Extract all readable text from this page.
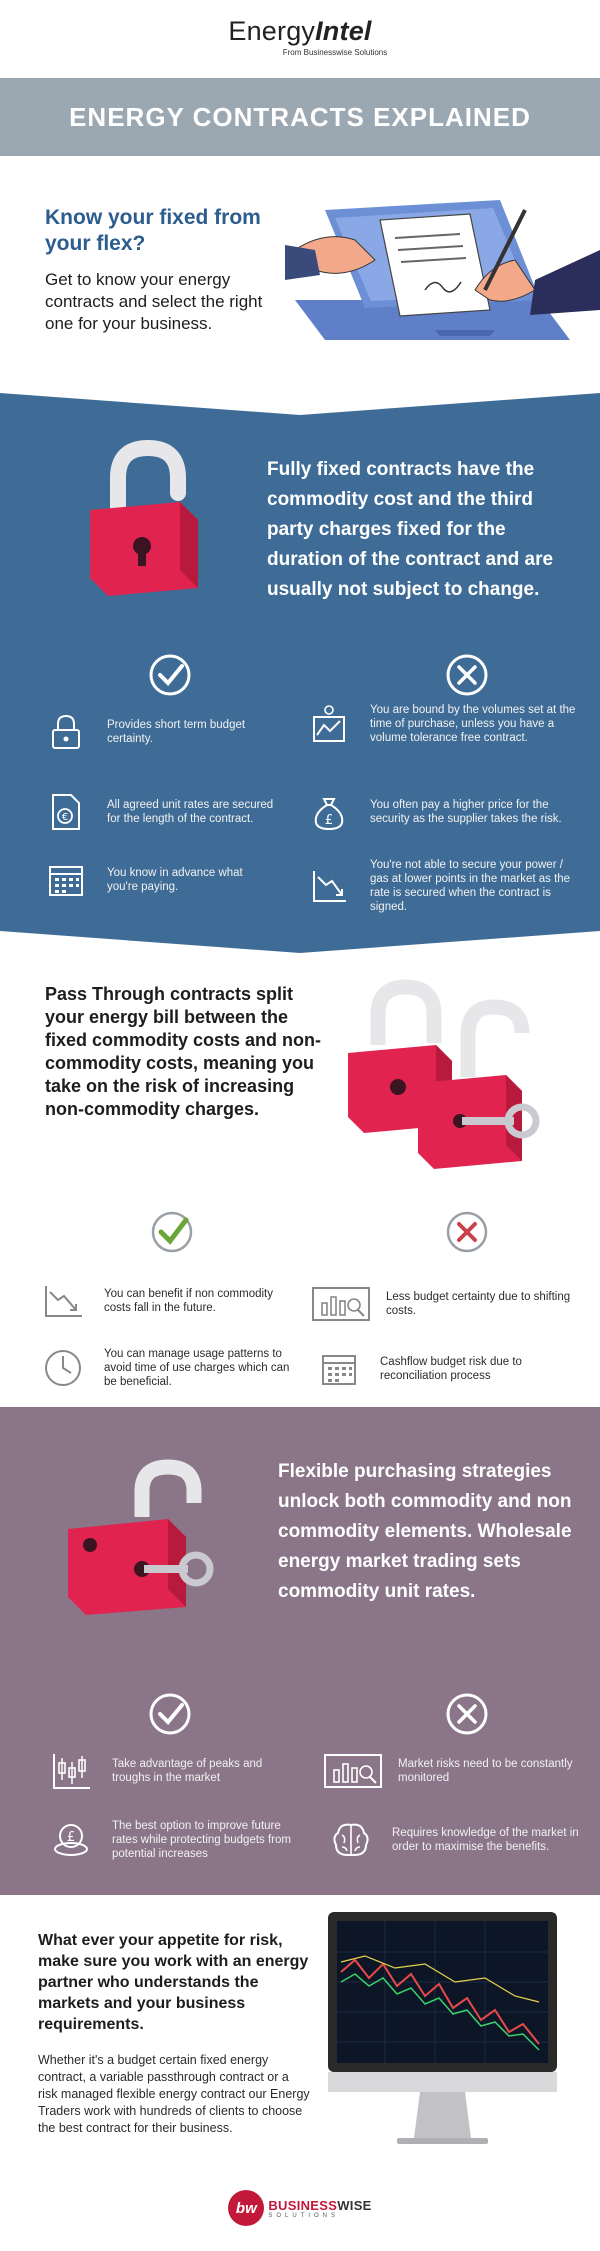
EnergyIntel
From Businesswise Solutions
ENERGY CONTRACTS EXPLAINED
Know your fixed from your flex?

Get to know your energy contracts and select the right one for your business.

Fully fixed contracts have the commodity cost and the third party charges fixed for the duration of the contract and are usually not subject to change.
Provides short term budget certainty.
€
All agreed unit rates are secured for the length of the contract.
You know in advance what you're paying.
You are bound by the volumes set at the time of purchase, unless you have a volume tolerance free contract.
£
You often pay a higher price for the security as the supplier takes the risk.
You're not able to secure your power / gas at lower points in the market as the rate is secured when the contract is signed.
Pass Through contracts split your energy bill between the fixed commodity costs and non-commodity costs, meaning you take on the risk of increasing non-commodity charges.
You can benefit if non commodity costs fall in the future.
You can manage usage patterns to avoid time of use charges which can be beneficial.
Less budget certainty due to shifting costs.
Cashflow budget risk due to reconciliation process
Flexible purchasing strategies unlock both commodity and non commodity elements. Wholesale energy market trading sets commodity unit rates.
Take advantage of peaks and troughs in the market
£
The best option to improve future rates while protecting budgets from potential increases
Market risks need to be constantly monitored
Requires knowledge of the market in order to maximise the benefits.
What ever your appetite for risk, make sure you work with an energy partner who understands the markets and your business requirements.
Whether it's a budget certain fixed energy contract, a variable passthrough contract or a risk managed flexible energy contract our Energy Traders work with hundreds of clients to choose the best contract for their business.
bw BUSINESSWISE
SOLUTIONS
